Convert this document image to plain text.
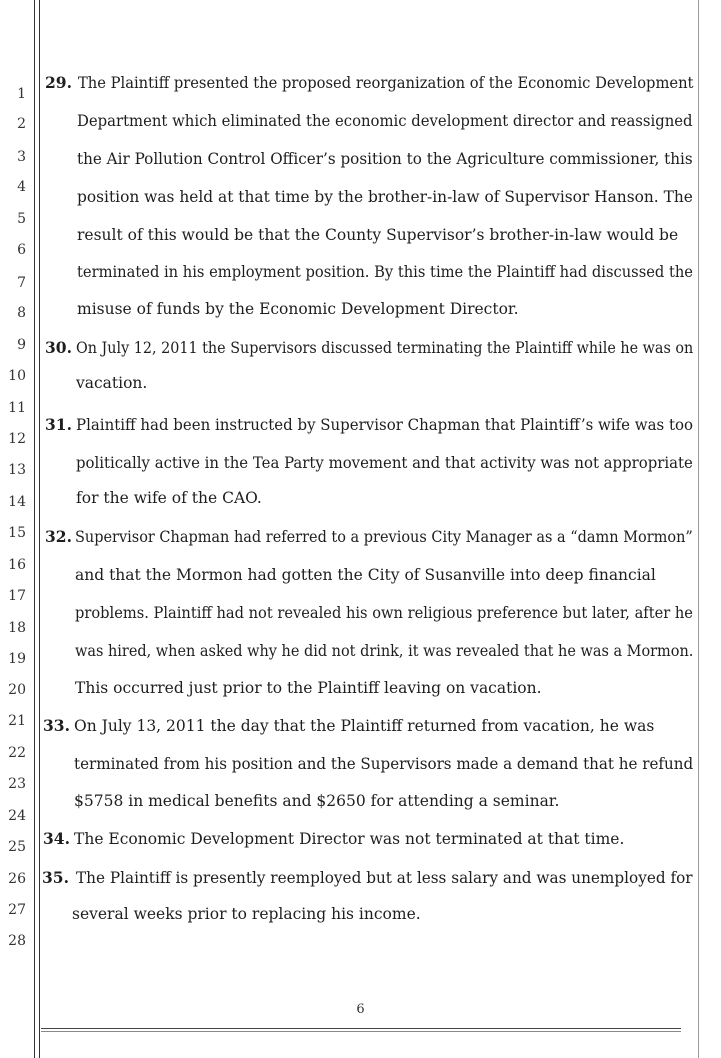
1
2
3
4
5
6
7
8
9
10
11
12
13
14
15
16
17
18
19
20
21
22
23
24
25
26
27
28
29. The Plaintiff presented the proposed reorganization of the Economic Development
Department which eliminated the economic development director and reassigned
the Air Pollution Control Officer’s position to the Agriculture commissioner, this
position was held at that time by the brother-in-law of Supervisor Hanson. The
result of this would be that the County Supervisor’s brother-in-law would be
terminated in his employment position. By this time the Plaintiff had discussed the
misuse of funds by the Economic Development Director.
30. On July 12, 2011 the Supervisors discussed terminating the Plaintiff while he was on
vacation.
31. Plaintiff had been instructed by Supervisor Chapman that Plaintiff’s wife was too
politically active in the Tea Party movement and that activity was not appropriate
for the wife of the CAO.
32. Supervisor Chapman had referred to a previous City Manager as a “damn Mormon”
and that the Mormon had gotten the City of Susanville into deep financial
problems. Plaintiff had not revealed his own religious preference but later, after he
was hired, when asked why he did not drink, it was revealed that he was a Mormon.
This occurred just prior to the Plaintiff leaving on vacation.
33. On July 13, 2011 the day that the Plaintiff returned from vacation, he was
terminated from his position and the Supervisors made a demand that he refund
$5758 in medical benefits and $2650 for attending a seminar.
34. The Economic Development Director was not terminated at that time.
35. The Plaintiff is presently reemployed but at less salary and was unemployed for
several weeks prior to replacing his income.
6
